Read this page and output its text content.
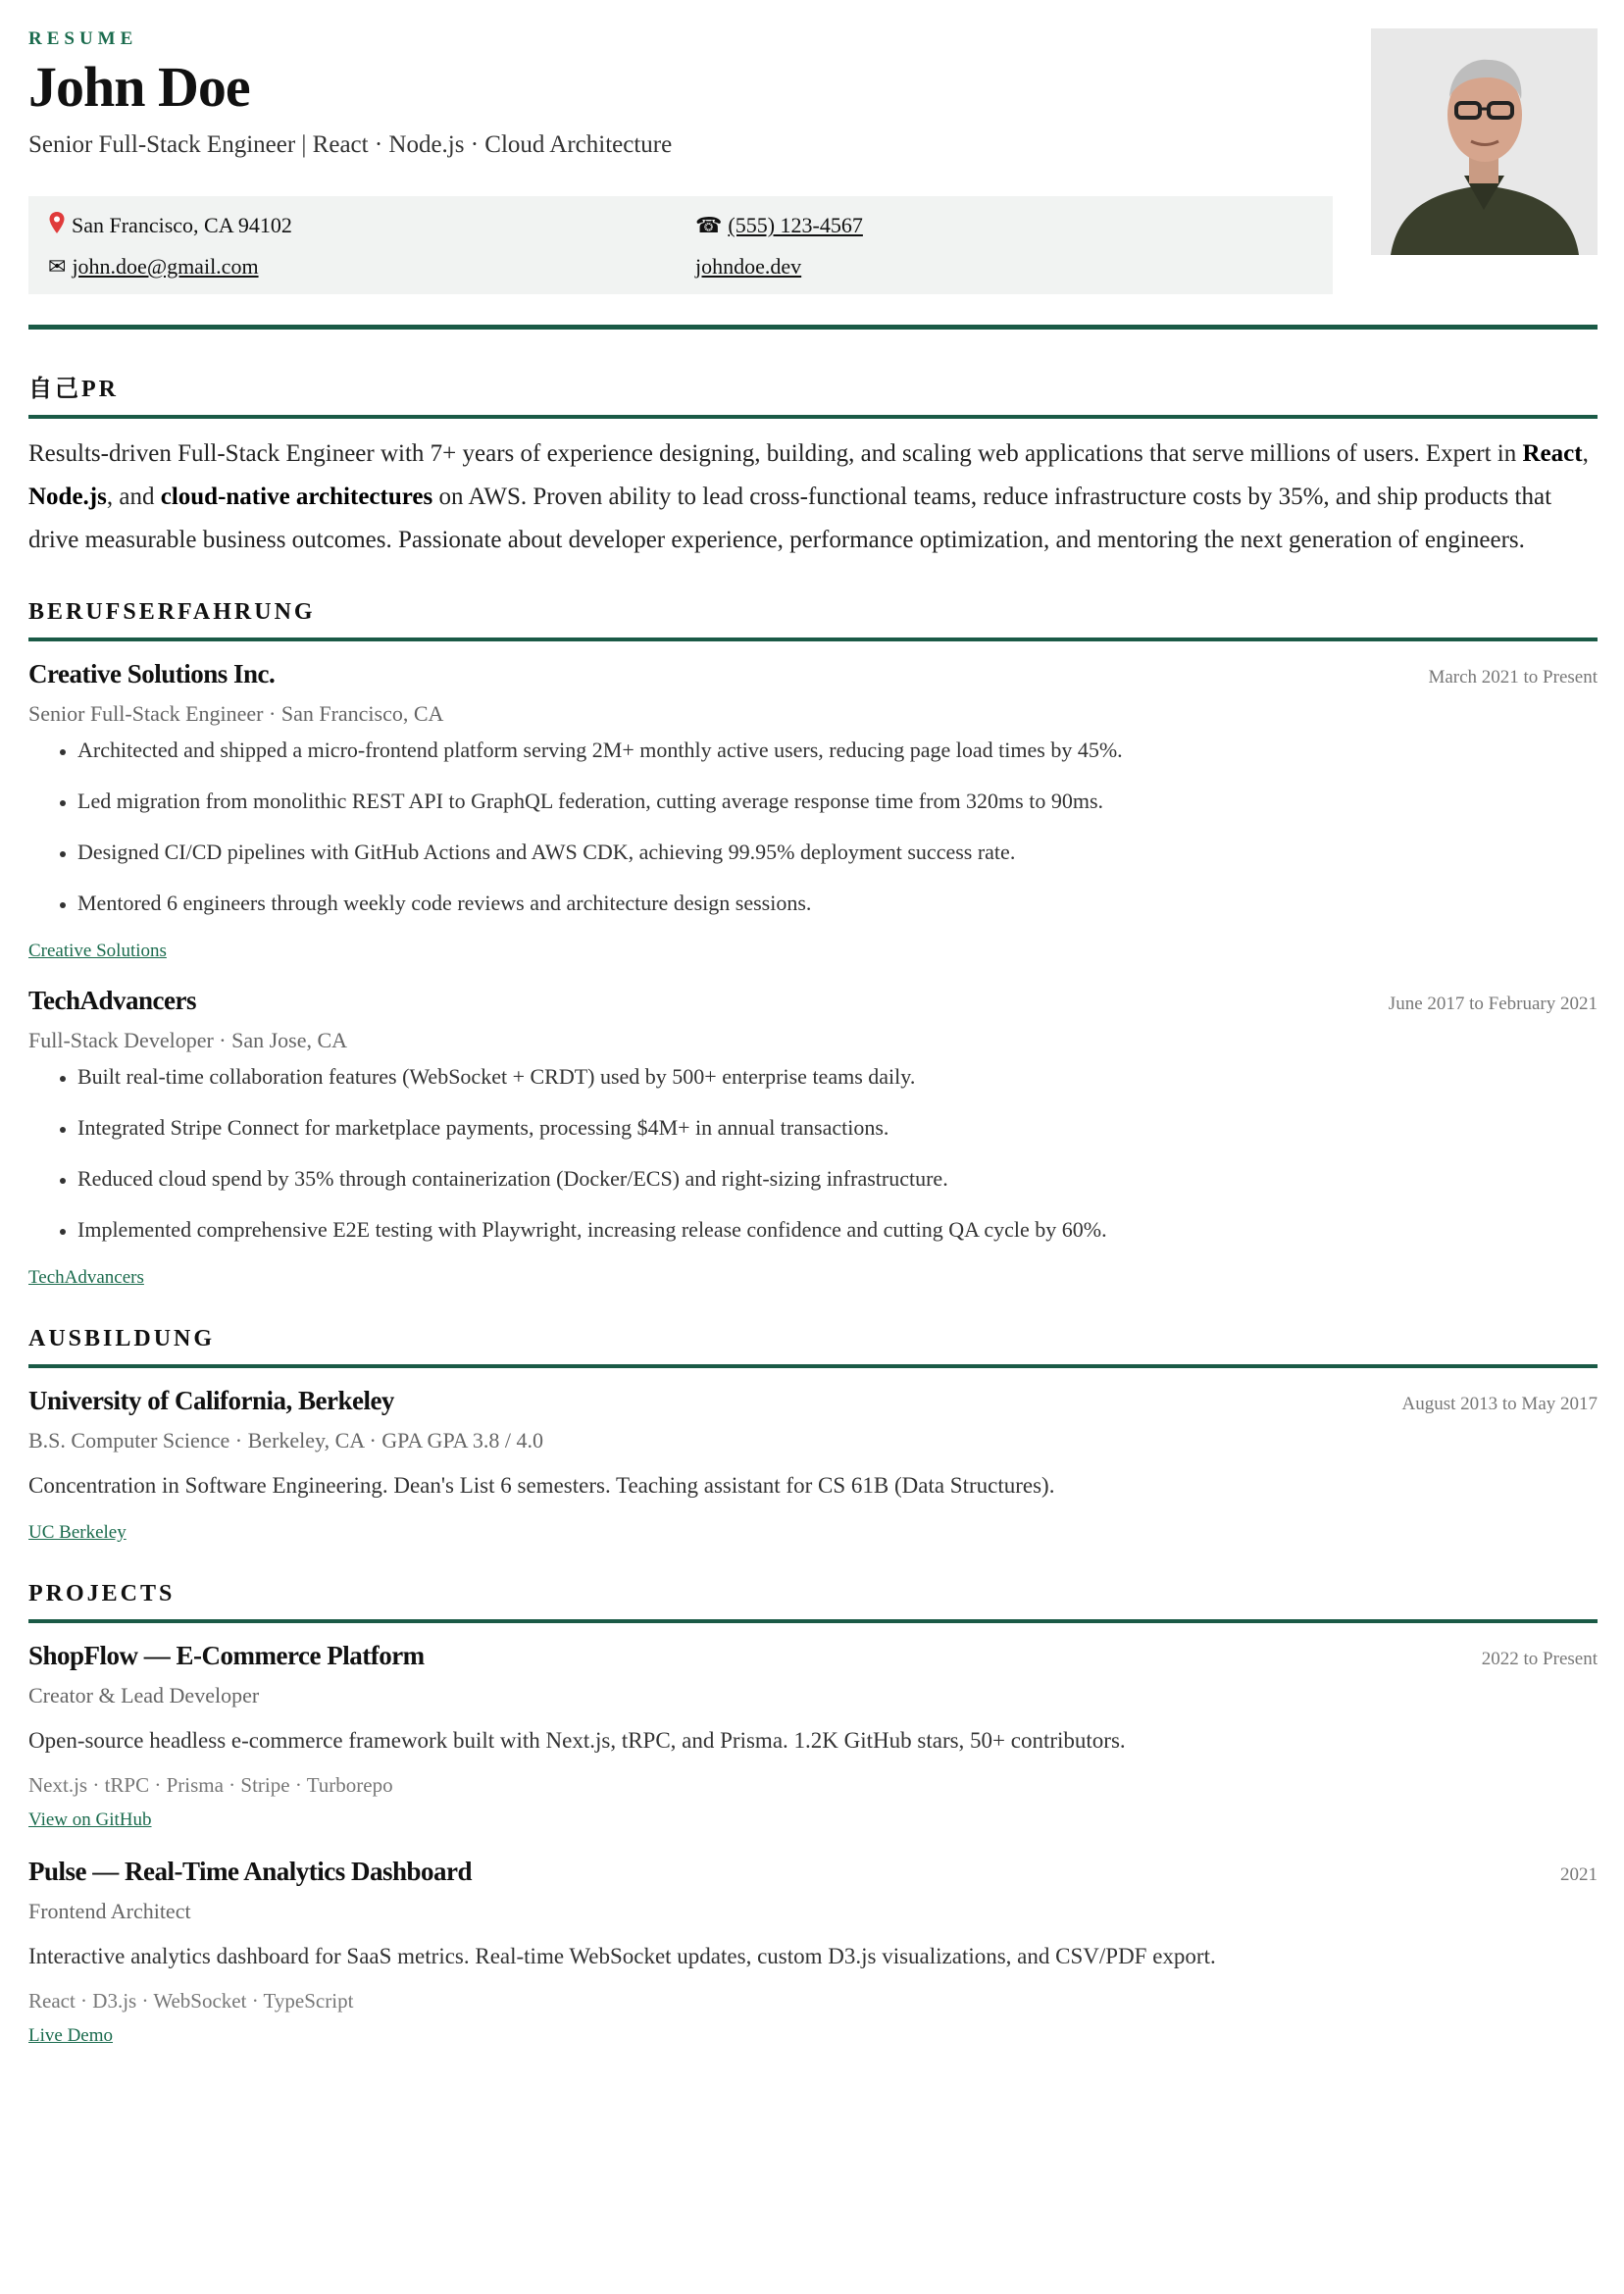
RESUME
John Doe
Senior Full-Stack Engineer | React · Node.js · Cloud Architecture
San Francisco, CA 94102	☎ (555) 123-4567
✉ john.doe@gmail.com	johndoe.dev
自己PR
Results-driven Full-Stack Engineer with 7+ years of experience designing, building, and scaling web applications that serve millions of users. Expert in React, Node.js, and cloud-native architectures on AWS. Proven ability to lead cross-functional teams, reduce infrastructure costs by 35%, and ship products that drive measurable business outcomes. Passionate about developer experience, performance optimization, and mentoring the next generation of engineers.
BERUFSERFAHRUNG
Creative Solutions Inc.	March 2021 to Present
Senior Full-Stack Engineer · San Francisco, CA
• Architected and shipped a micro-frontend platform serving 2M+ monthly active users, reducing page load times by 45%.
• Led migration from monolithic REST API to GraphQL federation, cutting average response time from 320ms to 90ms.
• Designed CI/CD pipelines with GitHub Actions and AWS CDK, achieving 99.95% deployment success rate.
• Mentored 6 engineers through weekly code reviews and architecture design sessions.
Creative Solutions
TechAdvancers	June 2017 to February 2021
Full-Stack Developer · San Jose, CA
• Built real-time collaboration features (WebSocket + CRDT) used by 500+ enterprise teams daily.
• Integrated Stripe Connect for marketplace payments, processing $4M+ in annual transactions.
• Reduced cloud spend by 35% through containerization (Docker/ECS) and right-sizing infrastructure.
• Implemented comprehensive E2E testing with Playwright, increasing release confidence and cutting QA cycle by 60%.
TechAdvancers
AUSBILDUNG
University of California, Berkeley	August 2013 to May 2017
B.S. Computer Science · Berkeley, CA · GPA GPA 3.8 / 4.0
Concentration in Software Engineering. Dean's List 6 semesters. Teaching assistant for CS 61B (Data Structures).
UC Berkeley
PROJECTS
ShopFlow — E-Commerce Platform	2022 to Present
Creator & Lead Developer
Open-source headless e-commerce framework built with Next.js, tRPC, and Prisma. 1.2K GitHub stars, 50+ contributors.
Next.js · tRPC · Prisma · Stripe · Turborepo
View on GitHub
Pulse — Real-Time Analytics Dashboard	2021
Frontend Architect
Interactive analytics dashboard for SaaS metrics. Real-time WebSocket updates, custom D3.js visualizations, and CSV/PDF export.
React · D3.js · WebSocket · TypeScript
Live Demo
